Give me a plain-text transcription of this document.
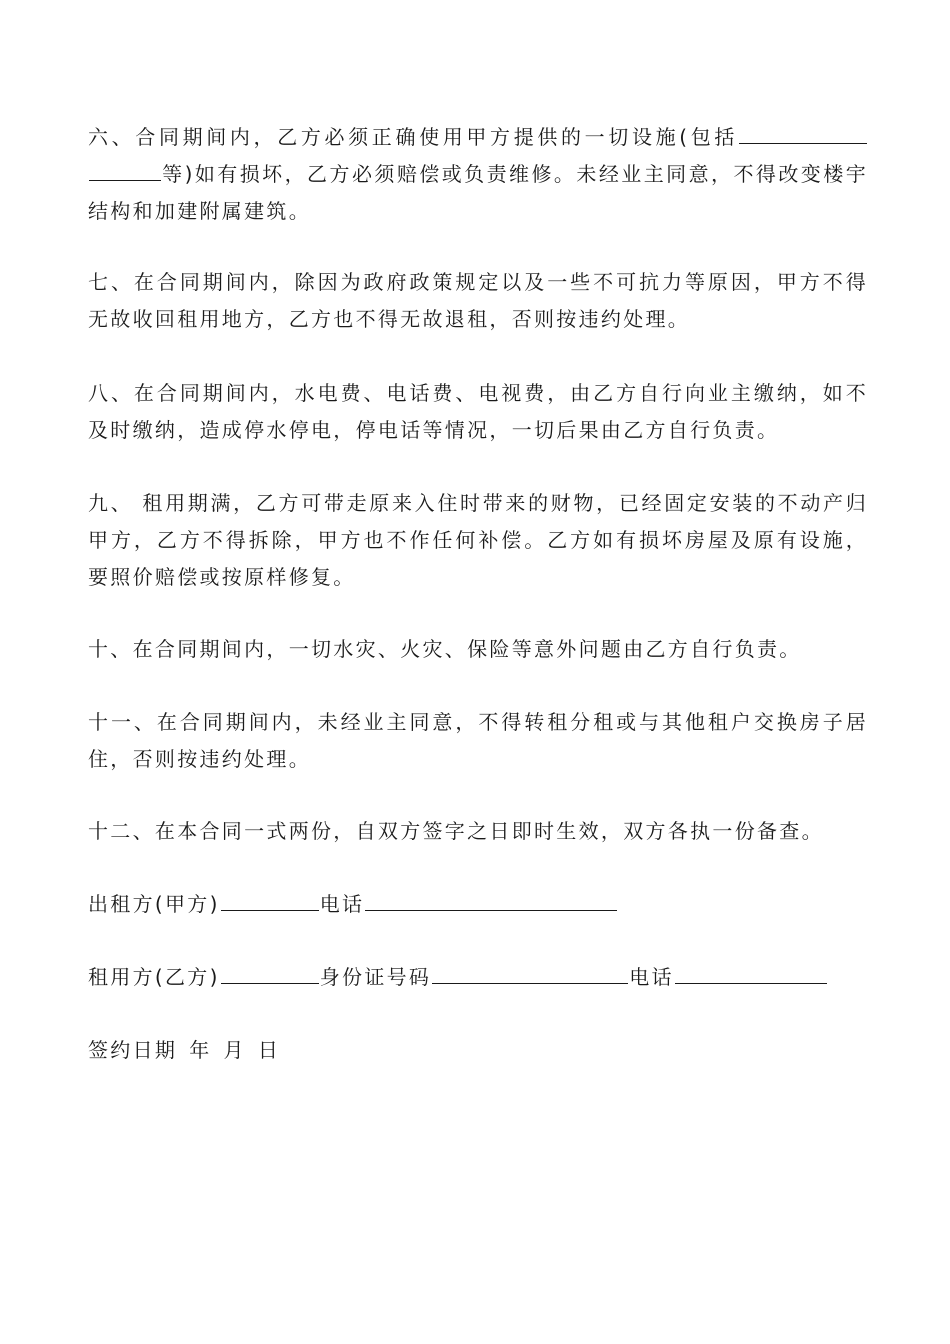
六、合同期间内，乙方必须正确使用甲方提供的一切设施(包括等)如有损坏，乙方必须赔偿或负责维修。未经业主同意，不得改变楼宇结构和加建附属建筑。
七、在合同期间内，除因为政府政策规定以及一些不可抗力等原因，甲方不得无故收回租用地方，乙方也不得无故退租，否则按违约处理。
八、在合同期间内，水电费、电话费、电视费，由乙方自行向业主缴纳，如不及时缴纳，造成停水停电，停电话等情况，一切后果由乙方自行负责。
九、 租用期满，乙方可带走原来入住时带来的财物，已经固定安装的不动产归甲方，乙方不得拆除，甲方也不作任何补偿。乙方如有损坏房屋及原有设施，要照价赔偿或按原样修复。
十、在合同期间内，一切水灾、火灾、保险等意外问题由乙方自行负责。
十一、在合同期间内，未经业主同意，不得转租分租或与其他租户交换房子居住，否则按违约处理。
十二、在本合同一式两份，自双方签字之日即时生效，双方各执一份备查。
出租方(甲方)	电话
租用方(乙方)	身份证号码	电话
签约日期 年 月 日
